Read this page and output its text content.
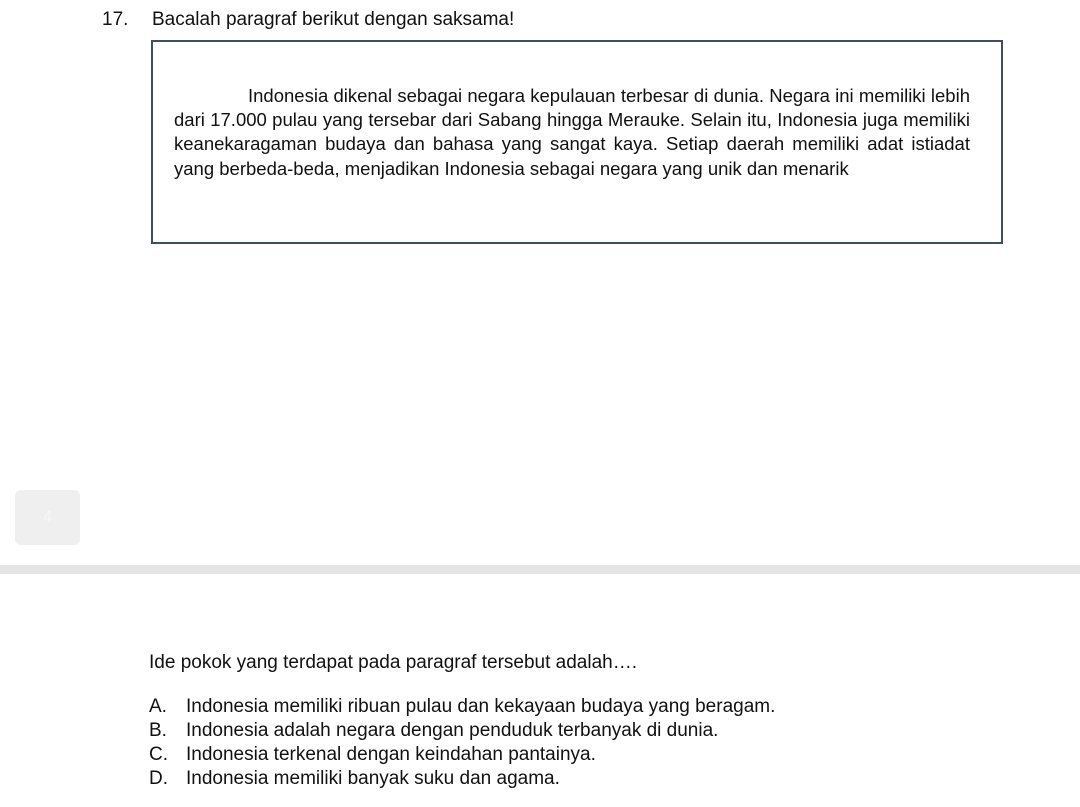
17. Bacalah paragraf berikut dengan saksama!

Indonesia dikenal sebagai negara kepulauan terbesar di dunia. Negara ini memiliki lebih dari 17.000 pulau yang tersebar dari Sabang hingga Merauke. Selain itu, Indonesia juga memiliki keanekaragaman budaya dan bahasa yang sangat kaya. Setiap daerah memiliki adat istiadat yang berbeda-beda, menjadikan Indonesia sebagai negara yang unik dan menarik

4
Ide pokok yang terdapat pada paragraf tersebut adalah….
A. Indonesia memiliki ribuan pulau dan kekayaan budaya yang beragam.
B. Indonesia adalah negara dengan penduduk terbanyak di dunia.
C. Indonesia terkenal dengan keindahan pantainya.
D. Indonesia memiliki banyak suku dan agama.
